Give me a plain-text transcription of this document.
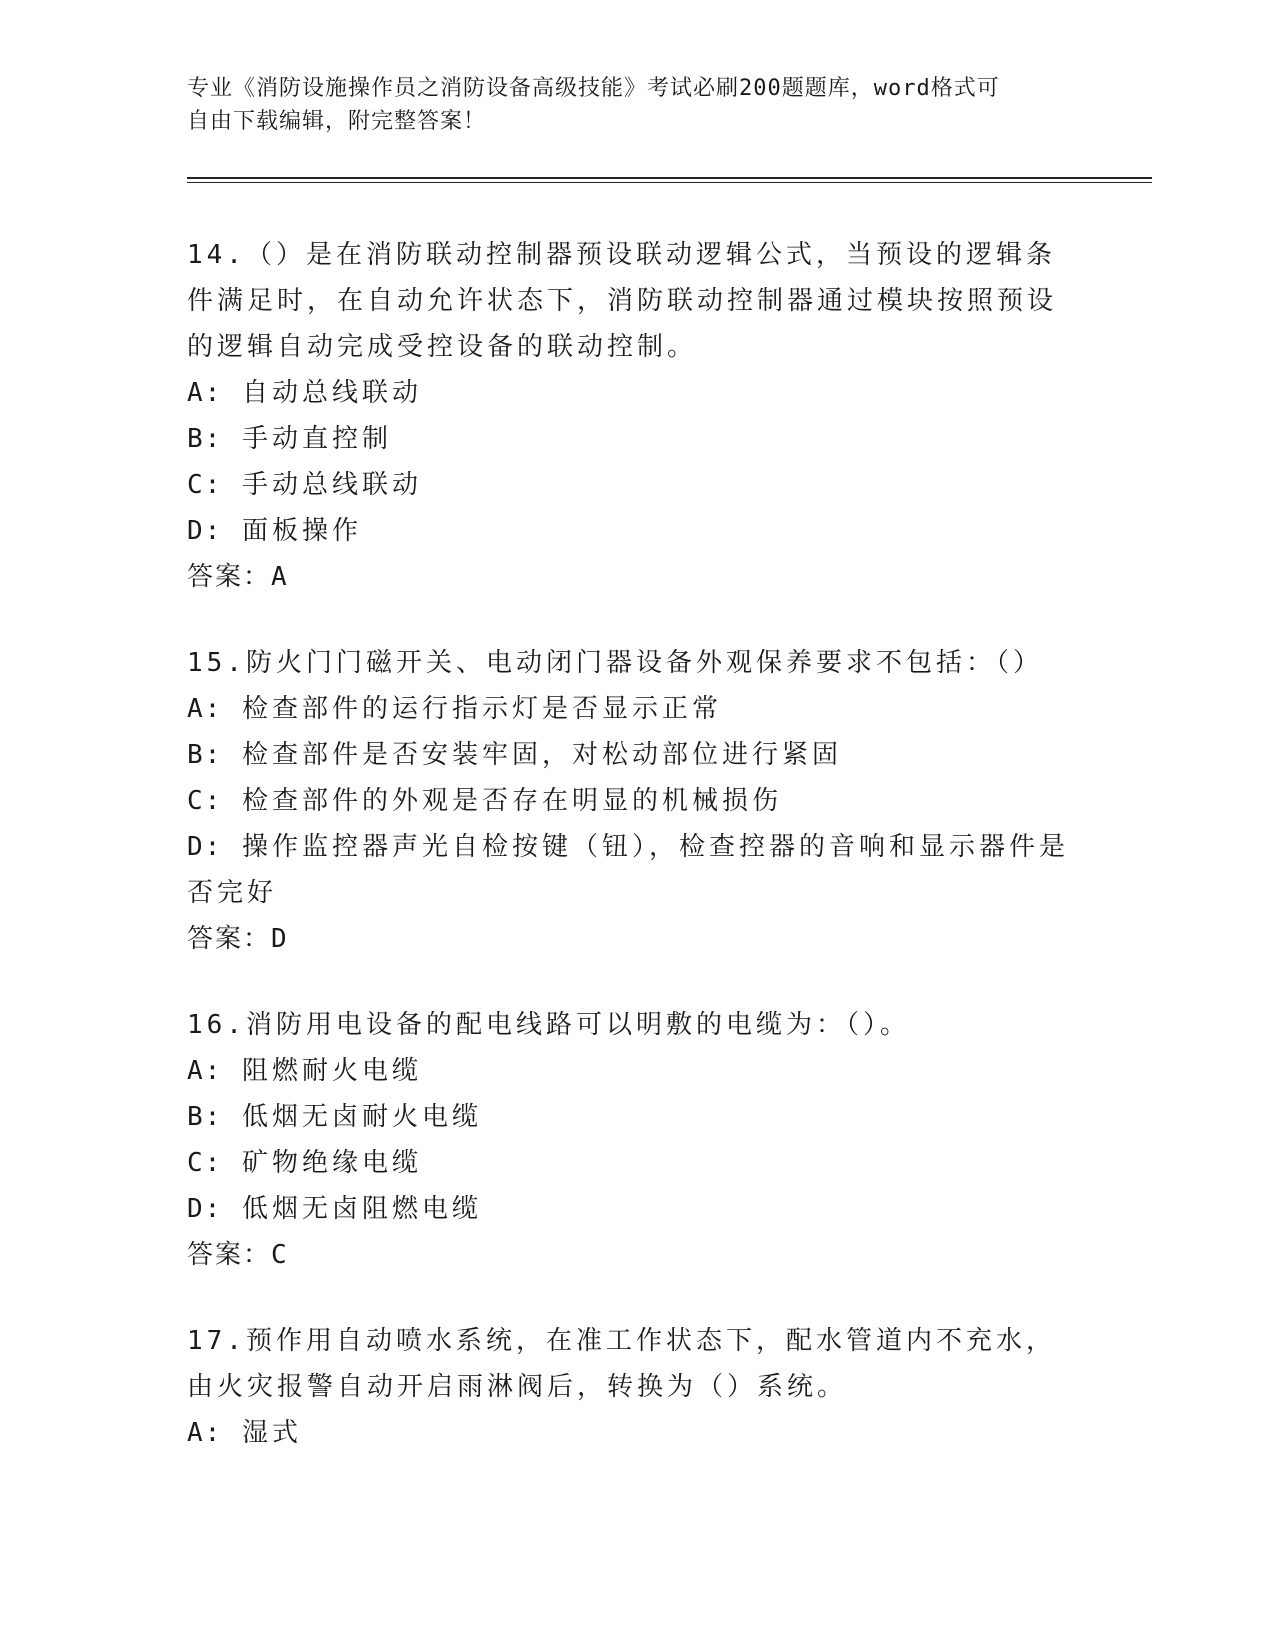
专业《消防设施操作员之消防设备高级技能》考试必刷200题题库，word格式可
自由下载编辑，附完整答案！

14.（）是在消防联动控制器预设联动逻辑公式，当预设的逻辑条件满足时，在自动允许状态下，消防联动控制器通过模块按照预设的逻辑自动完成受控设备的联动控制。

A: 自动总线联动

B: 手动直控制

C: 手动总线联动

D: 面板操作

答案：A

15.防火门门磁开关、电动闭门器设备外观保养要求不包括：（）

A: 检查部件的运行指示灯是否显示正常

B: 检查部件是否安装牢固，对松动部位进行紧固

C: 检查部件的外观是否存在明显的机械损伤

D: 操作监控器声光自检按键（钮），检查控器的音响和显示器件是否完好

答案：D

16.消防用电设备的配电线路可以明敷的电缆为：（）。

A: 阻燃耐火电缆

B: 低烟无卤耐火电缆

C: 矿物绝缘电缆

D: 低烟无卤阻燃电缆

答案：C

17.预作用自动喷水系统，在准工作状态下，配水管道内不充水，由火灾报警自动开启雨淋阀后，转换为（）系统。

A: 湿式
